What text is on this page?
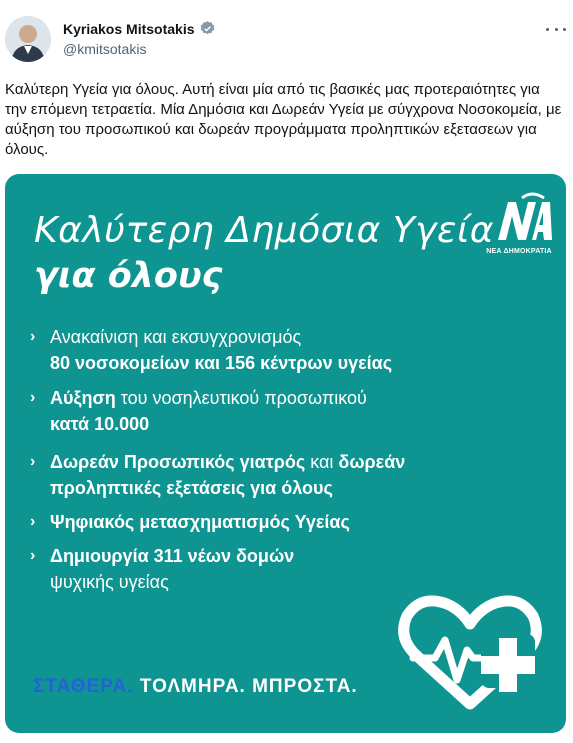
Kyriakos Mitsotakis
@kmitsotakis
Καλύτερη Υγεία για όλους. Αυτή είναι μία από τις βασικές μας προτεραιότητες για την επόμενη τετραετία. Μία Δημόσια και Δωρεάν Υγεία με σύγχρονα Νοσοκομεία, με αύξηση του προσωπικού και δωρεάν προγράμματα προληπτικών εξετασεων για όλους.
Καλύτερη Δημόσια Υγεία
για όλους
ΝΕΑ ΔΗΜΟΚΡΑΤΙΑ
› Ανακαίνιση και εκσυγχρονισμός
80 νοσοκομείων και 156 κέντρων υγείας
› Αύξηση του νοσηλευτικού προσωπικού
κατά 10.000
› Δωρεάν Προσωπικός γιατρός και δωρεάν
προληπτικές εξετάσεις για όλους
› Ψηφιακός μετασχηματισμός Υγείας
› Δημιουργία 311 νέων δομών
ψυχικής υγείας
ΣΤΑΘΕΡΑ. ΤΟΛΜΗΡΑ. ΜΠΡΟΣΤΑ.
